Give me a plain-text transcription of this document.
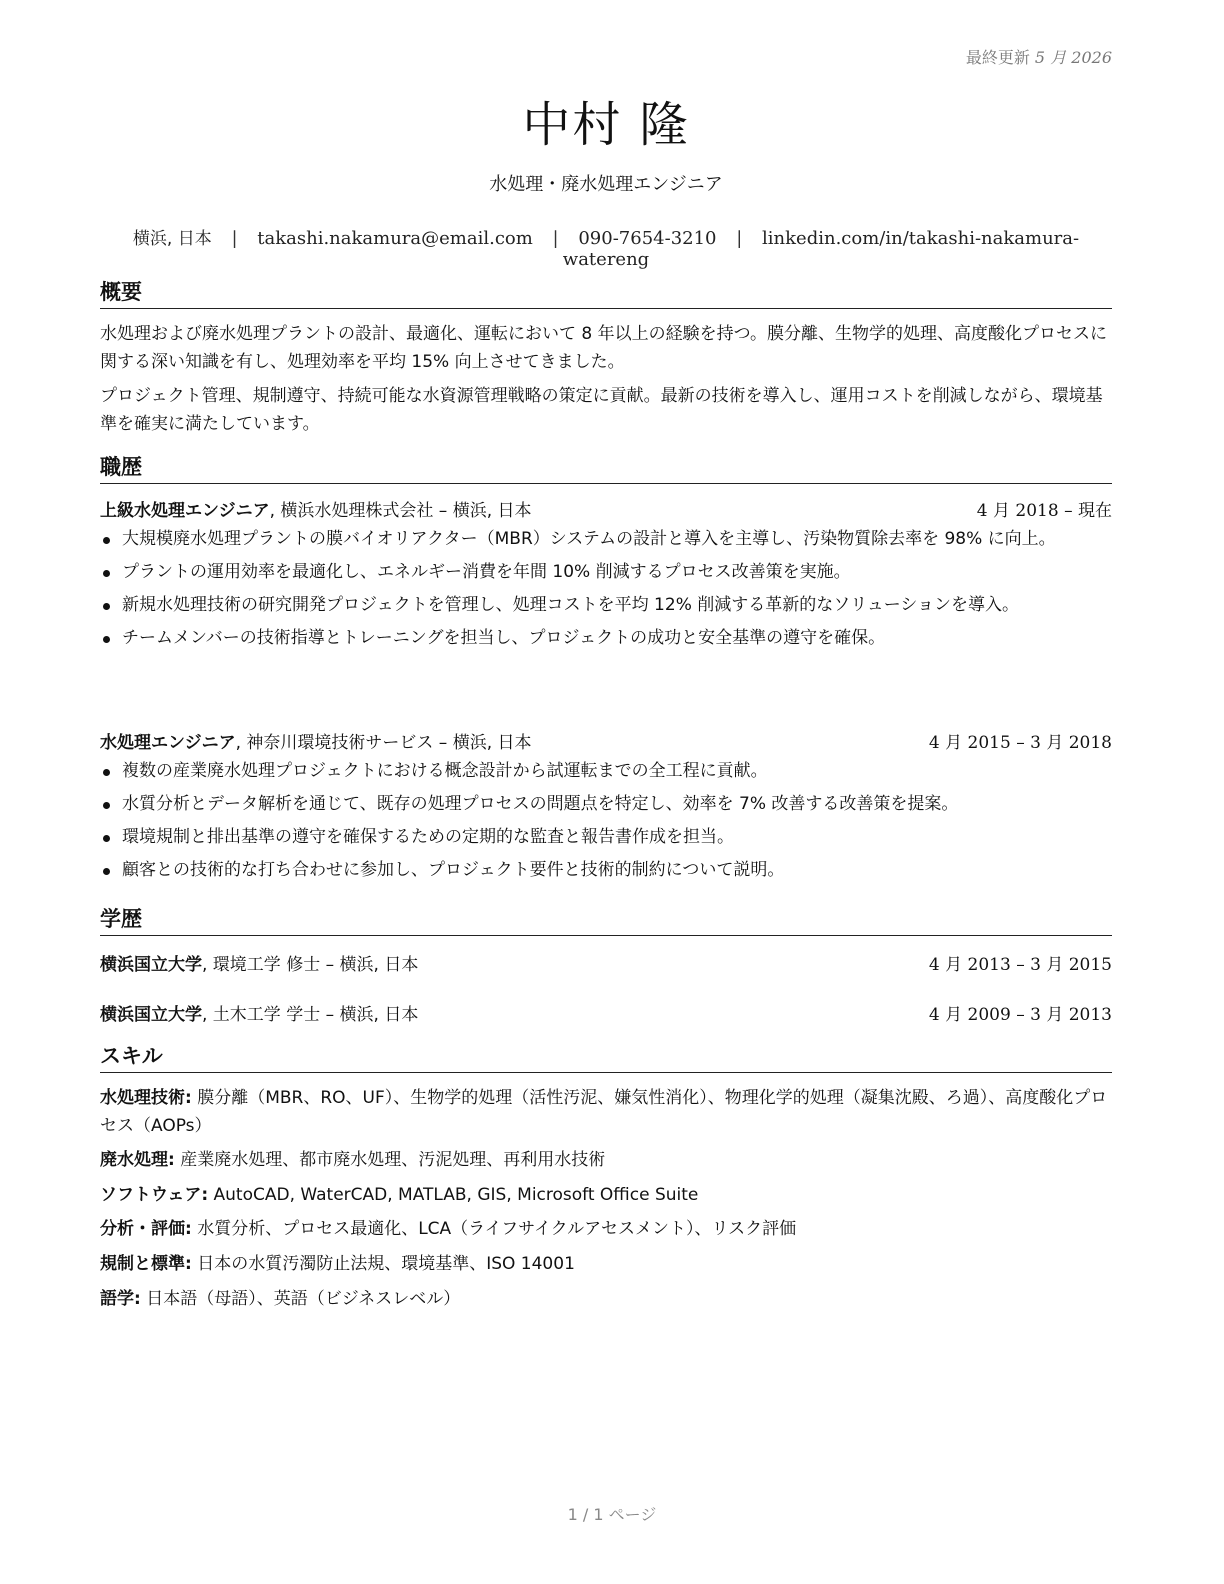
最終更新 5 月 2026
中村 隆
水処理・廃水処理エンジニア
横浜, 日本 | takashi.nakamura@email.com | 090-7654-3210 | linkedin.com/in/takashi-nakamura-watereng
概要
水処理および廃水処理プラントの設計、最適化、運転において 8 年以上の経験を持つ。膜分離、生物学的処理、高度酸化プロセスに関する深い知識を有し、処理効率を平均 15% 向上させてきました。
プロジェクト管理、規制遵守、持続可能な水資源管理戦略の策定に貢献。最新の技術を導入し、運用コストを削減しながら、環境基準を確実に満たしています。
職歴
上級水処理エンジニア, 横浜水処理株式会社 – 横浜, 日本	4 月 2018 – 現在
大規模廃水処理プラントの膜バイオリアクター（MBR）システムの設計と導入を主導し、汚染物質除去率を 98% に向上。
プラントの運用効率を最適化し、エネルギー消費を年間 10% 削減するプロセス改善策を実施。
新規水処理技術の研究開発プロジェクトを管理し、処理コストを平均 12% 削減する革新的なソリューションを導入。
チームメンバーの技術指導とトレーニングを担当し、プロジェクトの成功と安全基準の遵守を確保。
水処理エンジニア, 神奈川環境技術サービス – 横浜, 日本	4 月 2015 – 3 月 2018
複数の産業廃水処理プロジェクトにおける概念設計から試運転までの全工程に貢献。
水質分析とデータ解析を通じて、既存の処理プロセスの問題点を特定し、効率を 7% 改善する改善策を提案。
環境規制と排出基準の遵守を確保するための定期的な監査と報告書作成を担当。
顧客との技術的な打ち合わせに参加し、プロジェクト要件と技術的制約について説明。
学歴
横浜国立大学, 環境工学 修士 – 横浜, 日本	4 月 2013 – 3 月 2015
横浜国立大学, 土木工学 学士 – 横浜, 日本	4 月 2009 – 3 月 2013
スキル
水処理技術: 膜分離（MBR、RO、UF）、生物学的処理（活性汚泥、嫌気性消化）、物理化学的処理（凝集沈殿、ろ過）、高度酸化プロセス（AOPs）
廃水処理: 産業廃水処理、都市廃水処理、汚泥処理、再利用水技術
ソフトウェア: AutoCAD, WaterCAD, MATLAB, GIS, Microsoft Office Suite
分析・評価: 水質分析、プロセス最適化、LCA（ライフサイクルアセスメント）、リスク評価
規制と標準: 日本の水質汚濁防止法規、環境基準、ISO 14001
語学: 日本語（母語）、英語（ビジネスレベル）
1 / 1 ページ
